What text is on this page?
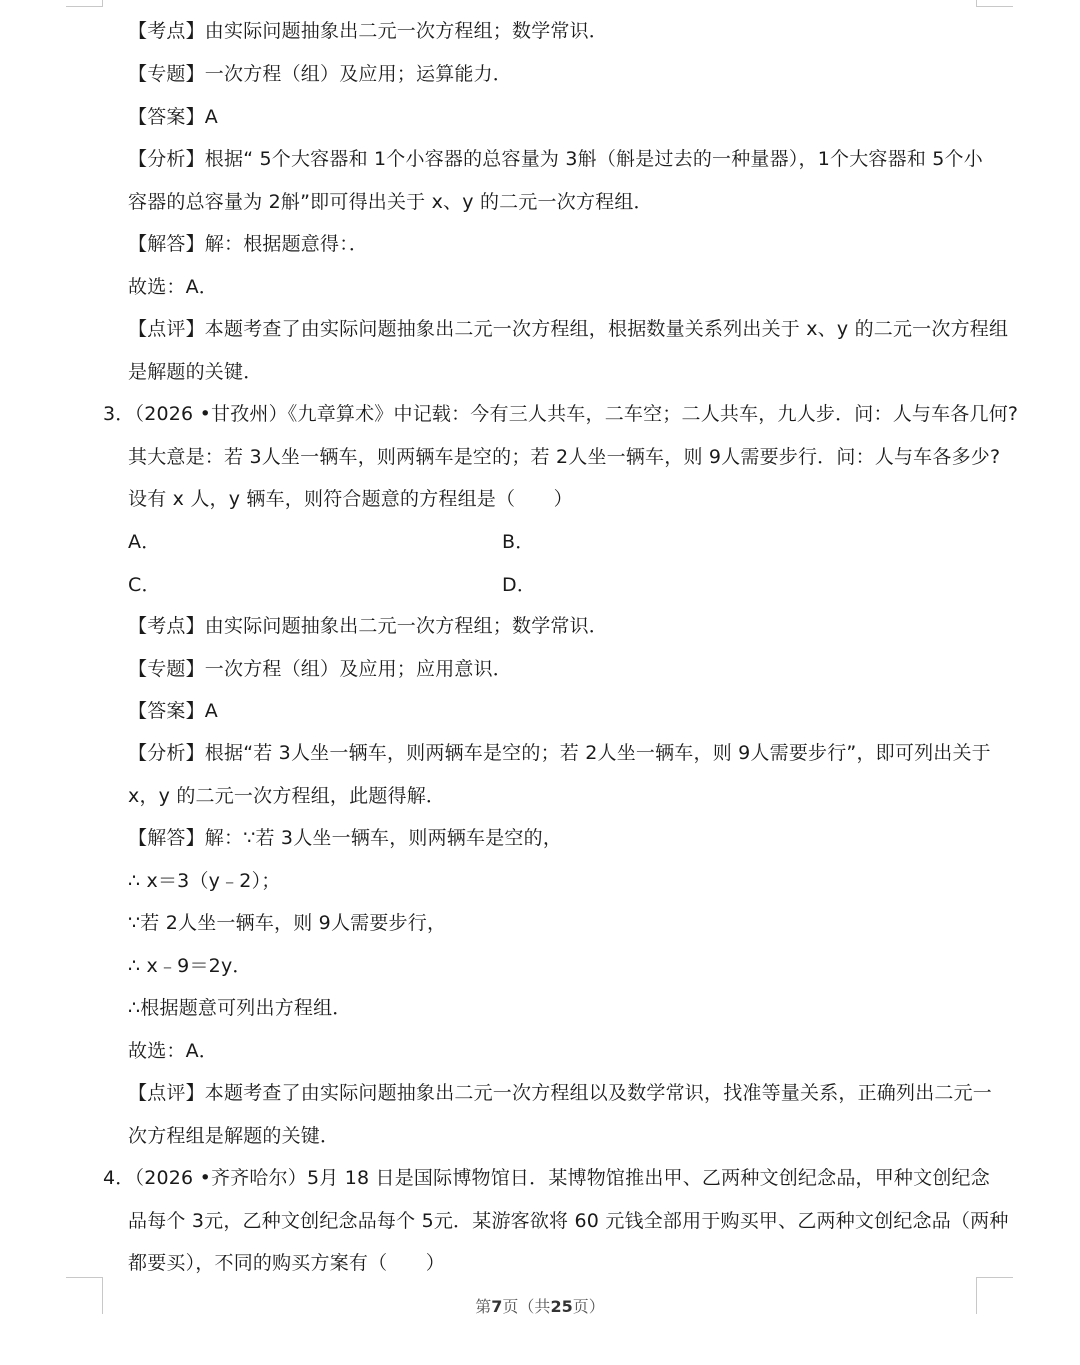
【考点】由实际问题抽象出二元一次方程组；数学常识．
【专题】一次方程（组）及应用；运算能力．
【答案】A
【分析】根据“ 5个大容器和 1个小容器的总容量为 3斛（斛是过去的一种量器），1个大容器和 5个小
容器的总容量为 2斛”即可得出关于 x、y 的二元一次方程组．
【解答】解：根据题意得：．
故选：A．
【点评】本题考查了由实际问题抽象出二元一次方程组，根据数量关系列出关于 x、y 的二元一次方程组
是解题的关键．
3．（2026 •甘孜州）《九章算术》中记载：今有三人共车，二车空；二人共车，九人步．问：人与车各几何?
其大意是：若 3人坐一辆车，则两辆车是空的；若 2人坐一辆车，则 9人需要步行．问：人与车各多少?
设有 x 人，y 辆车，则符合题意的方程组是（　　）
A．	B．
C．	D．
【考点】由实际问题抽象出二元一次方程组；数学常识．
【专题】一次方程（组）及应用；应用意识．
【答案】A
【分析】根据“若 3人坐一辆车，则两辆车是空的；若 2人坐一辆车，则 9人需要步行”，即可列出关于
x，y 的二元一次方程组，此题得解．
【解答】解：∵若 3人坐一辆车，则两辆车是空的，
∴ x＝3（y﹣2）；
∵若 2人坐一辆车，则 9人需要步行，
∴ x﹣9＝2y．
∴根据题意可列出方程组．
故选：A．
【点评】本题考查了由实际问题抽象出二元一次方程组以及数学常识，找准等量关系，正确列出二元一
次方程组是解题的关键．
4．（2026 •齐齐哈尔）5月 18 日是国际博物馆日．某博物馆推出甲、乙两种文创纪念品，甲种文创纪念
品每个 3元，乙种文创纪念品每个 5元．某游客欲将 60 元钱全部用于购买甲、乙两种文创纪念品（两种
都要买），不同的购买方案有（　　）
第7页（共25页）
